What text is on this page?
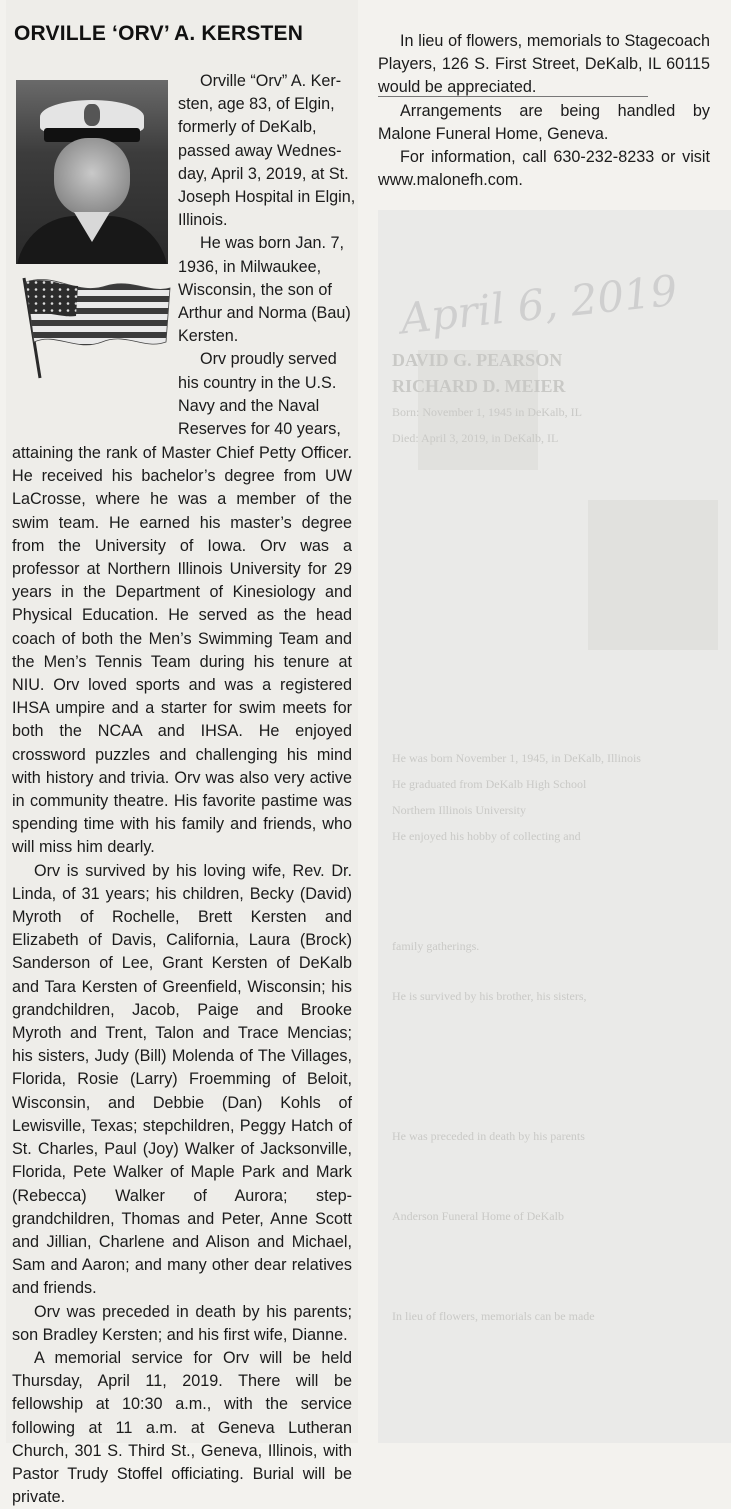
April 6, 2019
DAVID G. PEARSON
RICHARD D. MEIER
Born: November 1, 1945 in DeKalb, IL
Died: April 3, 2019, in DeKalb, IL
He was born November 1, 1945, in DeKalb, Illinois
He graduated from DeKalb High School
Northern Illinois University
He enjoyed his hobby of collecting and
family gatherings.
He is survived by his brother, his sisters,
He was preceded in death by his parents
Anderson Funeral Home of DeKalb
In lieu of flowers, memorials can be made
ORVILLE ‘ORV’ A. KERSTEN
Orville “Orv” A. Ker-
sten, age 83, of Elgin,
formerly of DeKalb,
passed away Wednes-
day, April 3, 2019, at St.
Joseph Hospital in Elgin,
Illinois.
He was born Jan. 7,
1936, in Milwaukee,
Wisconsin, the son of
Arthur and Norma (Bau)
Kersten.
Orv proudly served
his country in the U.S.
Navy and the Naval
Reserves for 40 years,

attaining the rank of Master Chief Petty Officer. He received his bachelor’s degree from UW LaCrosse, where he was a member of the swim team. He earned his master’s degree from the University of Iowa. Orv was a professor at Northern Illinois University for 29 years in the Department of Kinesiology and Physical Education. He served as the head coach of both the Men’s Swimming Team and the Men’s Tennis Team during his tenure at NIU. Orv loved sports and was a registered IHSA umpire and a starter for swim meets for both the NCAA and IHSA. He enjoyed crossword puzzles and challenging his mind with history and trivia. Orv was also very active in community theatre. His favorite pastime was spending time with his family and friends, who will miss him dearly.

Orv is survived by his loving wife, Rev. Dr. Linda, of 31 years; his children, Becky (David) Myroth of Rochelle, Brett Kersten and Elizabeth of Davis, California, Laura (Brock) Sanderson of Lee, Grant Kersten of DeKalb and Tara Kersten of Greenfield, Wisconsin; his grandchildren, Jacob, Paige and Brooke Myroth and Trent, Talon and Trace Mencias; his sisters, Judy (Bill) Molenda of The Villages, Florida, Rosie (Larry) Froemming of Beloit, Wisconsin, and Debbie (Dan) Kohls of Lewisville, Texas; stepchildren, Peggy Hatch of St. Charles, Paul (Joy) Walker of Jacksonville, Florida, Pete Walker of Maple Park and Mark (Rebecca) Walker of Aurora; step-grandchildren, Thomas and Peter, Anne Scott and Jillian, Charlene and Alison and Michael, Sam and Aaron; and many other dear relatives and friends.

Orv was preceded in death by his parents; son Bradley Kersten; and his first wife, Dianne.

A memorial service for Orv will be held Thursday, April 11, 2019. There will be fellowship at 10:30 a.m., with the service following at 11 a.m. at Geneva Lutheran Church, 301 S. Third St., Geneva, Illinois, with Pastor Trudy Stoffel officiating. Burial will be private.

In lieu of flowers, memorials to Stagecoach Players, 126 S. First Street, DeKalb, IL 60115 would be appreciated.

Arrangements are being handled by Malone Funeral Home, Geneva.

For information, call 630-232-8233 or visit www.malonefh.com.
